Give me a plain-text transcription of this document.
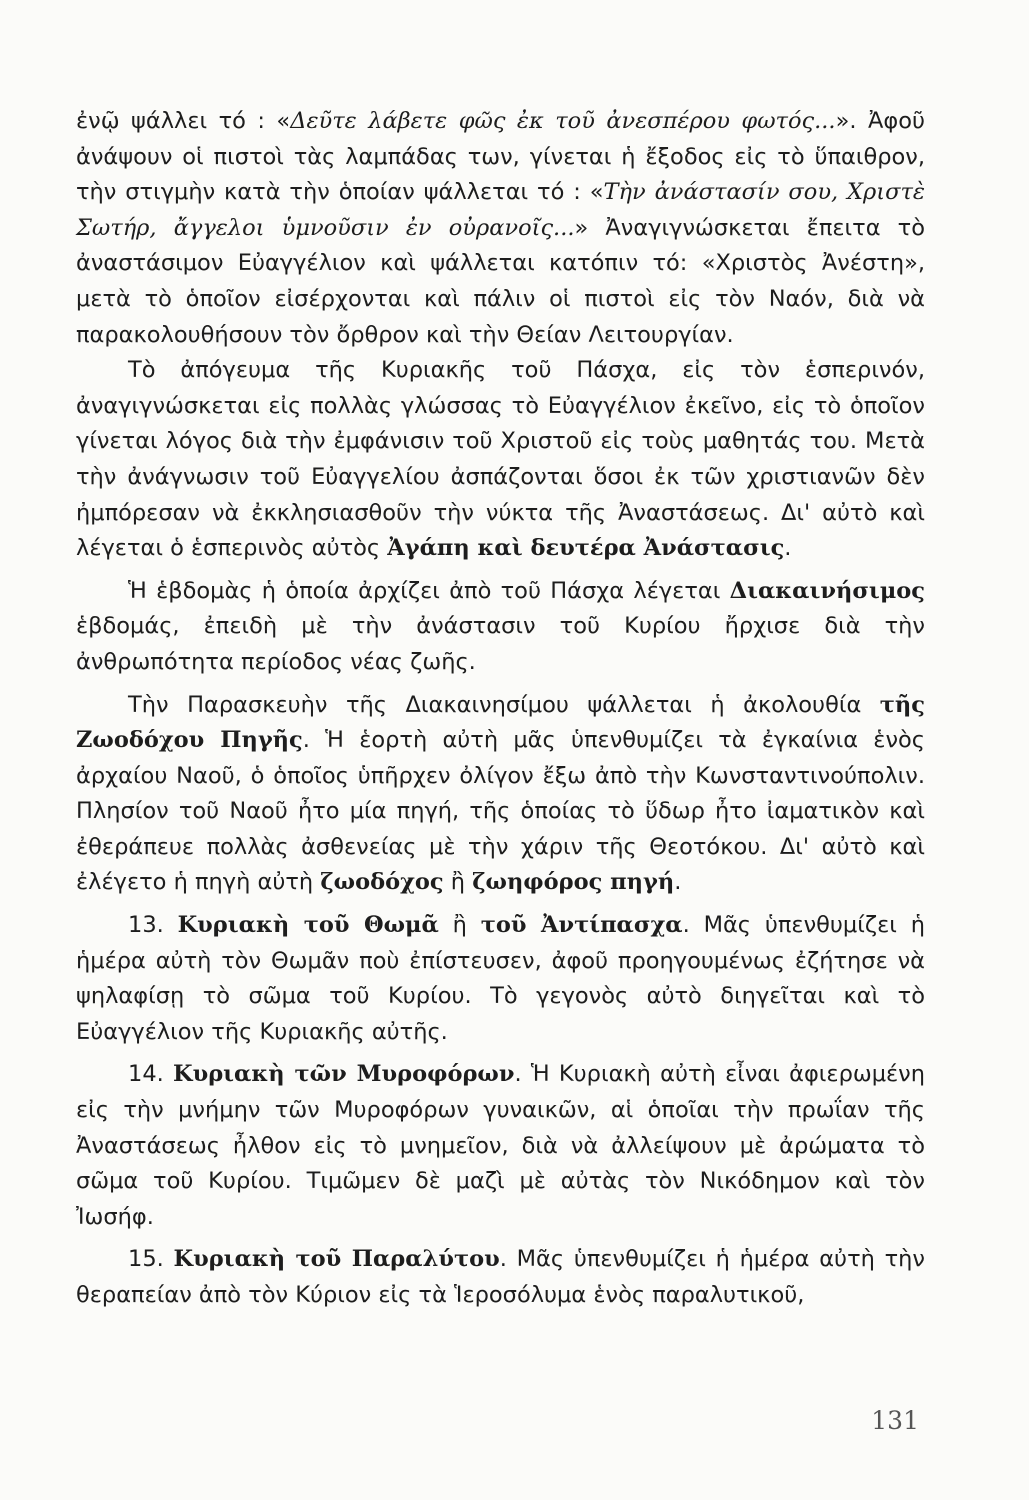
ἐνῷ ψάλλει τό : «Δεῦτε λάβετε φῶς ἐκ τοῦ ἀνεσπέρου φωτός...». Ἀφοῦ ἀνάψουν οἱ πιστοὶ τὰς λαμπάδας των, γίνεται ἡ ἔξοδος εἰς τὸ ὕπαιθρον, τὴν στιγμὴν κατὰ τὴν ὁποίαν ψάλλεται τό : «Τὴν ἀνάστασίν σου, Χριστὲ Σωτήρ, ἄγγελοι ὑμνοῦσιν ἐν οὐρανοῖς...» Ἀναγιγνώσκεται ἔπειτα τὸ ἀναστάσιμον Εὐαγγέλιον καὶ ψάλλεται κατόπιν τό: «Χριστὸς Ἀνέστη», μετὰ τὸ ὁποῖον εἰσέρχονται καὶ πάλιν οἱ πιστοὶ εἰς τὸν Ναόν, διὰ νὰ παρακολουθήσουν τὸν ὄρθρον καὶ τὴν Θείαν Λειτουργίαν.

Τὸ ἀπόγευμα τῆς Κυριακῆς τοῦ Πάσχα, εἰς τὸν ἑσπερινόν, ἀναγιγνώσκεται εἰς πολλὰς γλώσσας τὸ Εὐαγγέλιον ἐκεῖνο, εἰς τὸ ὁποῖον γίνεται λόγος διὰ τὴν ἐμφάνισιν τοῦ Χριστοῦ εἰς τοὺς μαθητάς του. Μετὰ τὴν ἀνάγνωσιν τοῦ Εὐαγγελίου ἀσπάζονται ὅσοι ἐκ τῶν χριστιανῶν δὲν ἠμπόρεσαν νὰ ἐκκλησιασθοῦν τὴν νύκτα τῆς Ἀναστάσεως. Δι' αὐτὸ καὶ λέγεται ὁ ἑσπερινὸς αὐτὸς Ἀγάπη καὶ δευτέρα Ἀνάστασις.

Ἡ ἑβδομὰς ἡ ὁποία ἀρχίζει ἀπὸ τοῦ Πάσχα λέγεται Διακαινήσιμος ἑβδομάς, ἐπειδὴ μὲ τὴν ἀνάστασιν τοῦ Κυρίου ἤρχισε διὰ τὴν ἀνθρωπότητα περίοδος νέας ζωῆς.

Τὴν Παρασκευὴν τῆς Διακαινησίμου ψάλλεται ἡ ἀκολουθία τῆς Ζωοδόχου Πηγῆς. Ἡ ἑορτὴ αὐτὴ μᾶς ὑπενθυμίζει τὰ ἐγκαίνια ἑνὸς ἀρχαίου Ναοῦ, ὁ ὁποῖος ὑπῆρχεν ὀλίγον ἔξω ἀπὸ τὴν Κωνσταντινούπολιν. Πλησίον τοῦ Ναοῦ ἦτο μία πηγή, τῆς ὁποίας τὸ ὕδωρ ἦτο ἰαματικὸν καὶ ἐθεράπευε πολλὰς ἀσθενείας μὲ τὴν χάριν τῆς Θεοτόκου. Δι' αὐτὸ καὶ ἐλέγετο ἡ πηγὴ αὐτὴ ζωοδόχος ἢ ζωηφόρος πηγή.

13. Κυριακὴ τοῦ Θωμᾶ ἢ τοῦ Ἀντίπασχα. Μᾶς ὑπενθυμίζει ἡ ἡμέρα αὐτὴ τὸν Θωμᾶν ποὺ ἐπίστευσεν, ἀφοῦ προηγουμένως ἐζήτησε νὰ ψηλαφίσῃ τὸ σῶμα τοῦ Κυρίου. Τὸ γεγονὸς αὐτὸ διηγεῖται καὶ τὸ Εὐαγγέλιον τῆς Κυριακῆς αὐτῆς.

14. Κυριακὴ τῶν Μυροφόρων. Ἡ Κυριακὴ αὐτὴ εἶναι ἀφιερωμένη εἰς τὴν μνήμην τῶν Μυροφόρων γυναικῶν, αἱ ὁποῖαι τὴν πρωΐαν τῆς Ἀναστάσεως ἦλθον εἰς τὸ μνημεῖον, διὰ νὰ ἀλλείψουν μὲ ἀρώματα τὸ σῶμα τοῦ Κυρίου. Τιμῶμεν δὲ μαζὶ μὲ αὐτὰς τὸν Νικόδημον καὶ τὸν Ἰωσήφ.

15. Κυριακὴ τοῦ Παραλύτου. Μᾶς ὑπενθυμίζει ἡ ἡμέρα αὐτὴ τὴν θεραπείαν ἀπὸ τὸν Κύριον εἰς τὰ Ἱεροσόλυμα ἑνὸς παραλυτικοῦ,

131
